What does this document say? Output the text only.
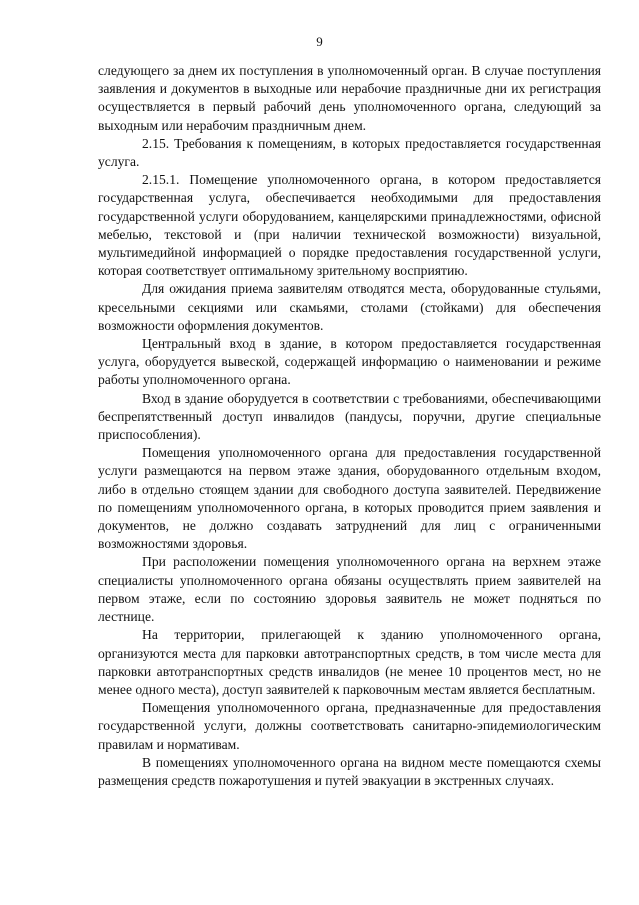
9

следующего за днем их поступления в уполномоченный орган. В случае поступления заявления и документов в выходные или нерабочие праздничные дни их регистрация осуществляется в первый рабочий день уполномоченного органа, следующий за выходным или нерабочим праздничным днем.

2.15. Требования к помещениям, в которых предоставляется государственная услуга.

2.15.1. Помещение уполномоченного органа, в котором предоставляется государственная услуга, обеспечивается необходимыми для предоставления государственной услуги оборудованием, канцелярскими принадлежностями, офисной мебелью, текстовой и (при наличии технической возможности) визуальной, мультимедийной информацией о порядке предоставления государственной услуги, которая соответствует оптимальному зрительному восприятию.

Для ожидания приема заявителям отводятся места, оборудованные стульями, кресельными секциями или скамьями, столами (стойками) для обеспечения возможности оформления документов.

Центральный вход в здание, в котором предоставляется государственная услуга, оборудуется вывеской, содержащей информацию о наименовании и режиме работы уполномоченного органа.

Вход в здание оборудуется в соответствии с требованиями, обеспечивающими беспрепятственный доступ инвалидов (пандусы, поручни, другие специальные приспособления).

Помещения уполномоченного органа для предоставления государственной услуги размещаются на первом этаже здания, оборудованного отдельным входом, либо в отдельно стоящем здании для свободного доступа заявителей. Передвижение по помещениям уполномоченного органа, в которых проводится прием заявления и документов, не должно создавать затруднений для лиц с ограниченными возможностями здоровья.

При расположении помещения уполномоченного органа на верхнем этаже специалисты уполномоченного органа обязаны осуществлять прием заявителей на первом этаже, если по состоянию здоровья заявитель не может подняться по лестнице.

На территории, прилегающей к зданию уполномоченного органа, организуются места для парковки автотранспортных средств, в том числе места для парковки автотранспортных средств инвалидов (не менее 10 процентов мест, но не менее одного места), доступ заявителей к парковочным местам является бесплатным.

Помещения уполномоченного органа, предназначенные для предоставления государственной услуги, должны соответствовать санитарно-эпидемиологическим правилам и нормативам.

В помещениях уполномоченного органа на видном месте помещаются схемы размещения средств пожаротушения и путей эвакуации в экстренных случаях.
